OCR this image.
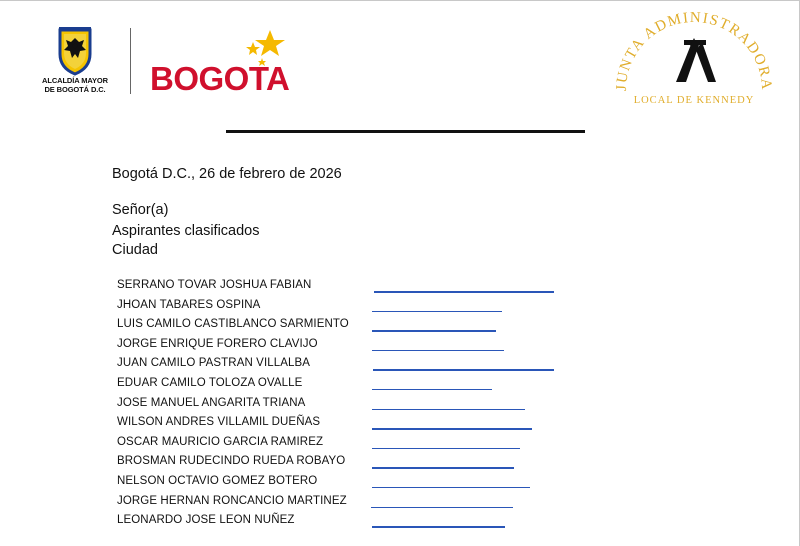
ALCALDÍA MAYOR
DE BOGOTÁ D.C.	BOGOTA	JUNTA ADMINISTRADORA
LOCAL DE KENNEDY
Bogotá D.C., 26 de febrero de 2026
Señor(a)
Aspirantes clasificados
Ciudad
SERRANO TOVAR JOSHUA FABIAN
JHOAN TABARES OSPINA
LUIS CAMILO CASTIBLANCO SARMIENTO
JORGE ENRIQUE FORERO CLAVIJO
JUAN CAMILO PASTRAN VILLALBA
EDUAR CAMILO TOLOZA OVALLE
JOSE MANUEL ANGARITA TRIANA
WILSON ANDRES VILLAMIL DUEÑAS
OSCAR MAURICIO GARCIA RAMIREZ
BROSMAN RUDECINDO RUEDA ROBAYO
NELSON OCTAVIO GOMEZ BOTERO
JORGE HERNAN RONCANCIO MARTINEZ
LEONARDO JOSE LEON NUÑEZ
